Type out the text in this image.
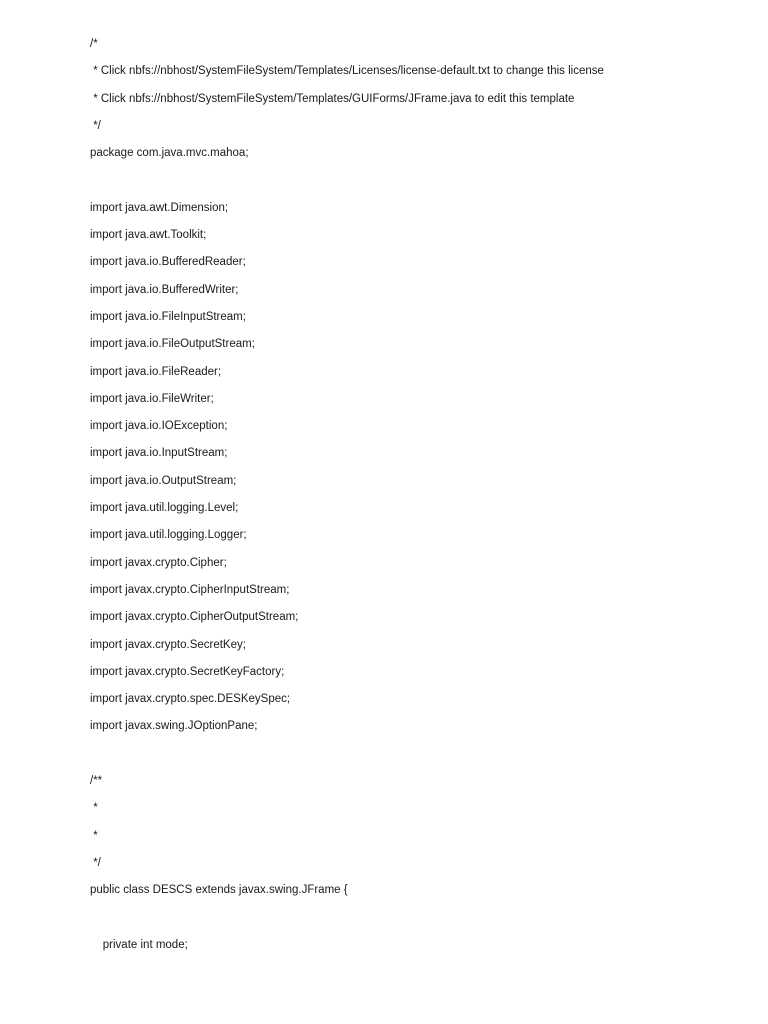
/*
* Click nbfs://nbhost/SystemFileSystem/Templates/Licenses/license-default.txt to change this license
* Click nbfs://nbhost/SystemFileSystem/Templates/GUIForms/JFrame.java to edit this template
*/
package com.java.mvc.mahoa;
import java.awt.Dimension;
import java.awt.Toolkit;
import java.io.BufferedReader;
import java.io.BufferedWriter;
import java.io.FileInputStream;
import java.io.FileOutputStream;
import java.io.FileReader;
import java.io.FileWriter;
import java.io.IOException;
import java.io.InputStream;
import java.io.OutputStream;
import java.util.logging.Level;
import java.util.logging.Logger;
import javax.crypto.Cipher;
import javax.crypto.CipherInputStream;
import javax.crypto.CipherOutputStream;
import javax.crypto.SecretKey;
import javax.crypto.SecretKeyFactory;
import javax.crypto.spec.DESKeySpec;
import javax.swing.JOptionPane;
/**
*
*
*/
public class DESCS extends javax.swing.JFrame {
private int mode;
